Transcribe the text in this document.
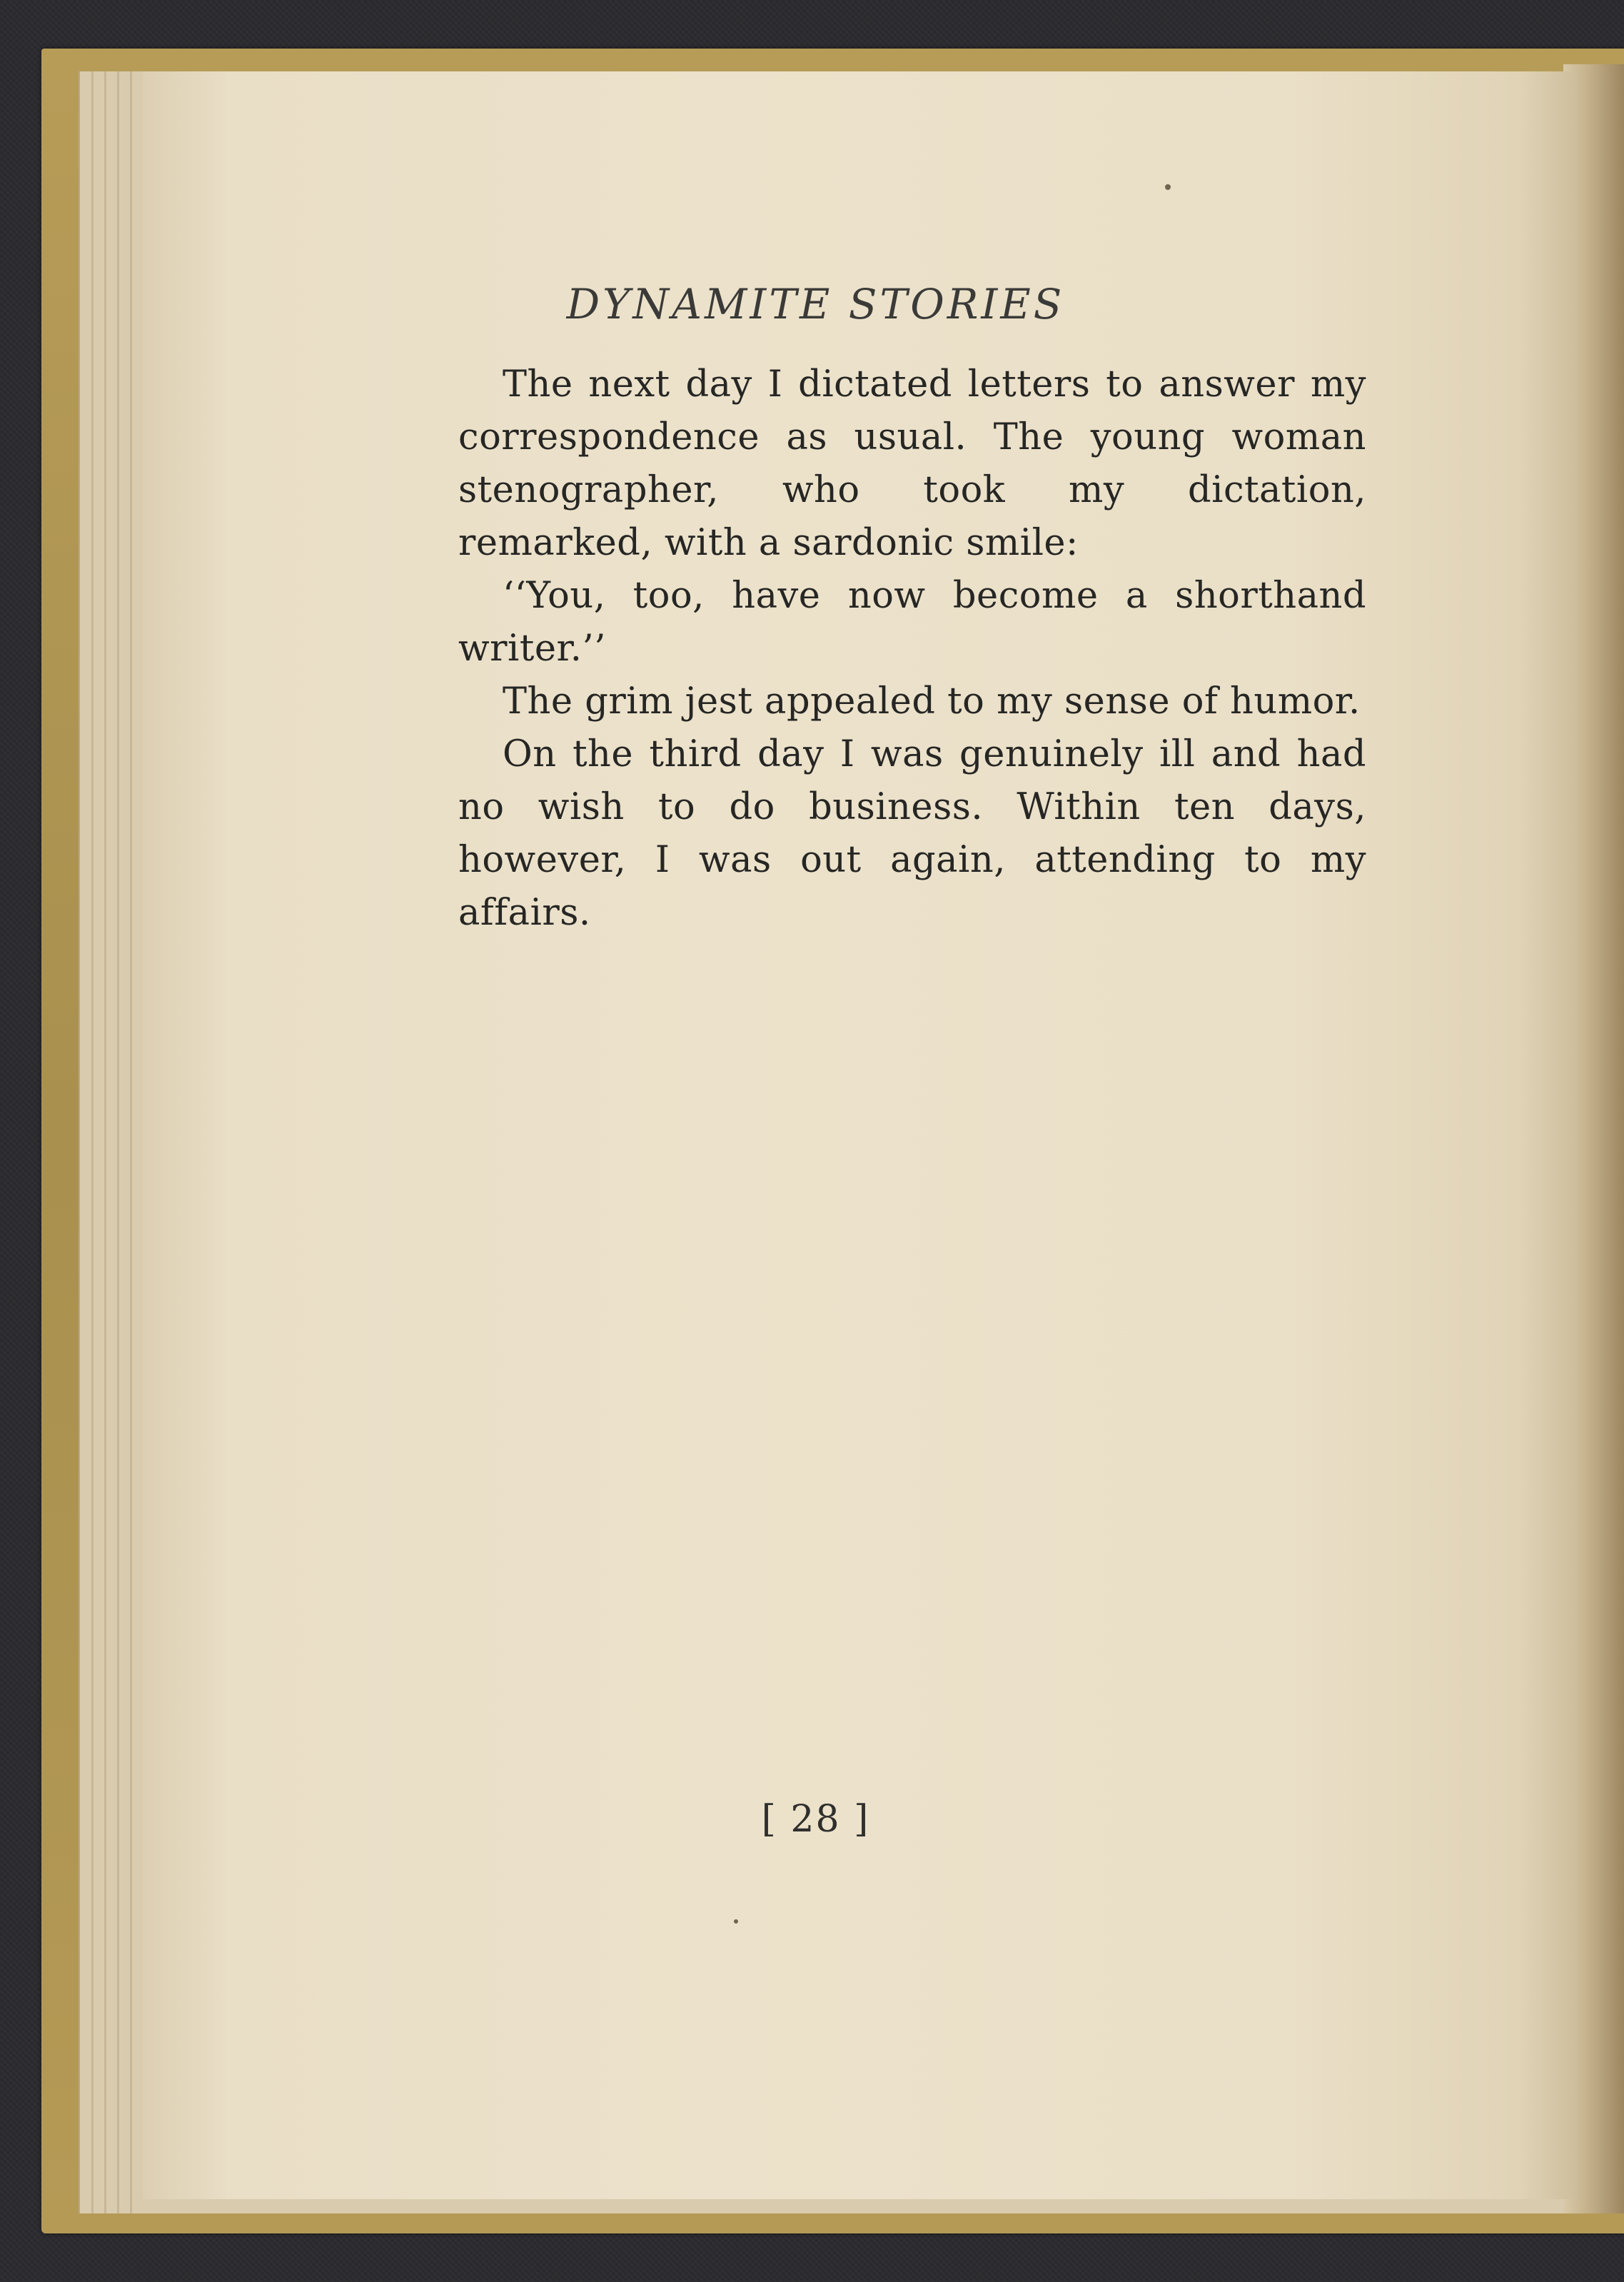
DYNAMITE STORIES

The next day I dictated letters to answer my correspondence as usual. The young woman stenographer, who took my dictation, remarked, with a sardonic smile:

‘‘You, too, have now become a shorthand writer.’’

The grim jest appealed to my sense of humor.

On the third day I was genuinely ill and had no wish to do business. Within ten days, however, I was out again, attending to my affairs.

[ 28 ]
